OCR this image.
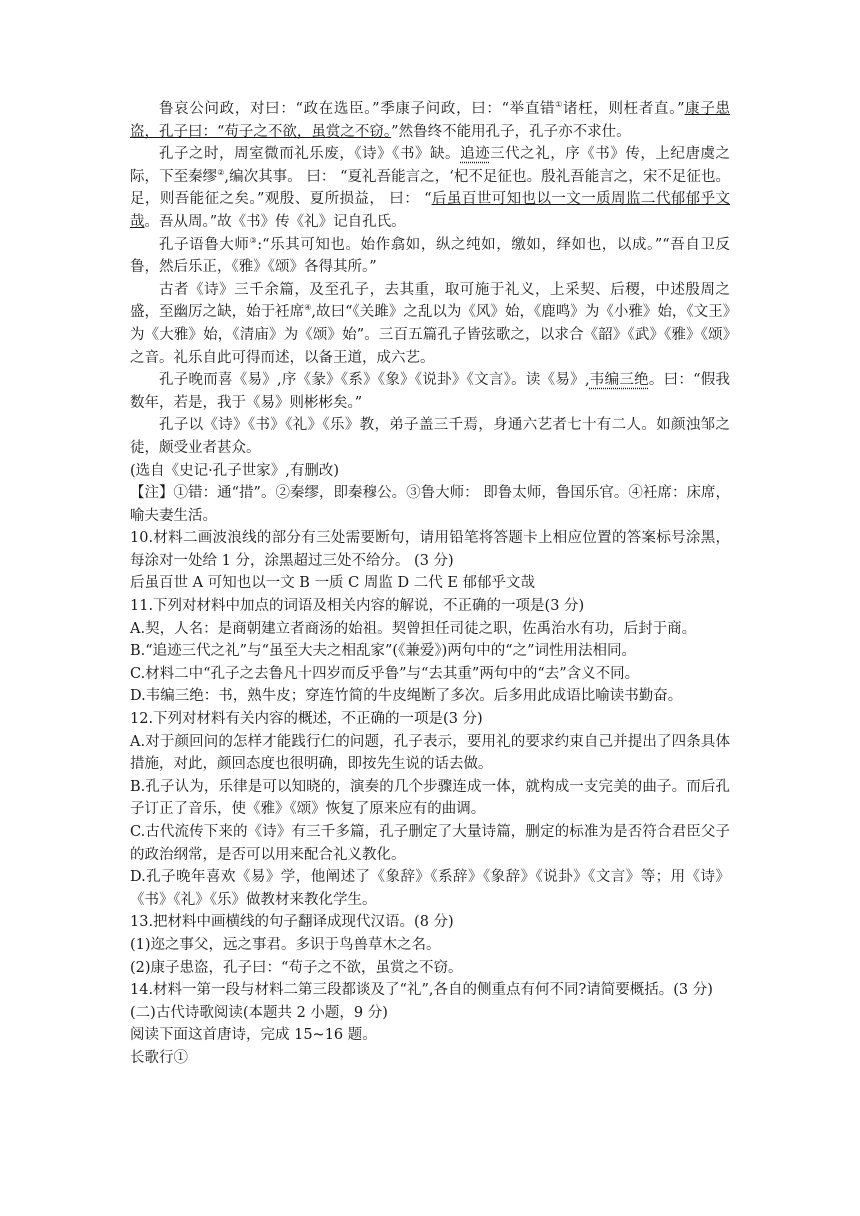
鲁哀公问政，对曰：“政在选臣。”季康子问政，曰：“举直错①诸枉，则枉者直。”康子患盗，孔子曰：“苟子之不欲，虽赏之不窃。”然鲁终不能用孔子，孔子亦不求仕。

孔子之时，周室微而礼乐废，《诗》《书》缺。追迹三代之礼，序《书》传，上纪唐虞之际，下至秦缪②,编次其事。 曰： “夏礼吾能言之，‘杞不足征也。殷礼吾能言之，宋不足征也。足，则吾能征之矣。”观殷、夏所损益， 曰： “后虽百世可知也以一文一质周监二代郁郁乎文哉。吾从周。”故《书》传《礼》记自孔氏。

孔子语鲁大师③:“乐其可知也。始作翕如，纵之纯如，缴如，绎如也，以成。”“吾自卫反鲁，然后乐正，《雅》《颂》各得其所。”

古者《诗》三千余篇，及至孔子，去其重，取可施于礼义，上采契、后稷，中述殷周之盛，至幽厉之缺，始于衽席④,故曰“《关雎》之乱以为《风》始，《鹿鸣》为《小雅》始，《文王》为《大雅》始，《清庙》为《颂》始”。三百五篇孔子皆弦歌之，以求合《韶》《武》《雅》《颂》之音。礼乐自此可得而述，以备王道，成六艺。

孔子晚而喜《易》,序《彖》《系》《象》《说卦》《文言》。读《易》,韦编三绝。曰：“假我数年，若是，我于《易》则彬彬矣。”

孔子以《诗》《书》《礼》《乐》教，弟子盖三千焉，身通六艺者七十有二人。如颜浊邹之徒，颇受业者甚众。

(选自《史记·孔子世家》,有删改)

【注】①错：通“措”。②秦缪，即秦穆公。③鲁大师： 即鲁太师，鲁国乐官。④衽席：床席，喻夫妻生活。

10.材料二画波浪线的部分有三处需要断句，请用铅笔将答题卡上相应位置的答案标号涂黑，每涂对一处给 1 分，涂黑超过三处不给分。 (3 分)

后虽百世 A 可知也以一文 B 一质 C 周监 D 二代 E 郁郁乎文哉

11.下列对材料中加点的词语及相关内容的解说，不正确的一项是(3 分)

A.契，人名：是商朝建立者商汤的始祖。契曾担任司徒之职，佐禹治水有功，后封于商。

B.“追迹三代之礼”与“虽至大夫之相乱家”(《兼爱》)两句中的“之”词性用法相同。

C.材料二中“孔子之去鲁凡十四岁而反乎鲁”与“去其重”两句中的“去”含义不同。

D.韦编三绝：书，熟牛皮；穿连竹简的牛皮绳断了多次。后多用此成语比喻读书勤奋。

12.下列对材料有关内容的概述，不正确的一项是(3 分)

A.对于颜回问的怎样才能践行仁的问题，孔子表示，要用礼的要求约束自己并提出了四条具体措施，对此，颜回态度也很明确，即按先生说的话去做。

B.孔子认为，乐律是可以知晓的，演奏的几个步骤连成一体，就构成一支完美的曲子。而后孔子订正了音乐，使《雅》《颂》恢复了原来应有的曲调。

C.古代流传下来的《诗》有三千多篇，孔子删定了大量诗篇，删定的标准为是否符合君臣父子的政治纲常，是否可以用来配合礼义教化。

D.孔子晚年喜欢《易》学，他阐述了《象辞》《系辞》《象辞》《说卦》《文言》等；用《诗》《书》《礼》《乐》做教材来教化学生。

13.把材料中画横线的句子翻译成现代汉语。(8 分)

(1)迩之事父，远之事君。多识于鸟兽草木之名。

(2)康子患盗，孔子曰：“苟子之不欲，虽赏之不窃。

14.材料一第一段与材料二第三段都谈及了“礼”,各自的侧重点有何不同?请简要概括。(3 分)

(二)古代诗歌阅读(本题共 2 小题，9 分)

阅读下面这首唐诗，完成 15~16 题。

长歌行①
